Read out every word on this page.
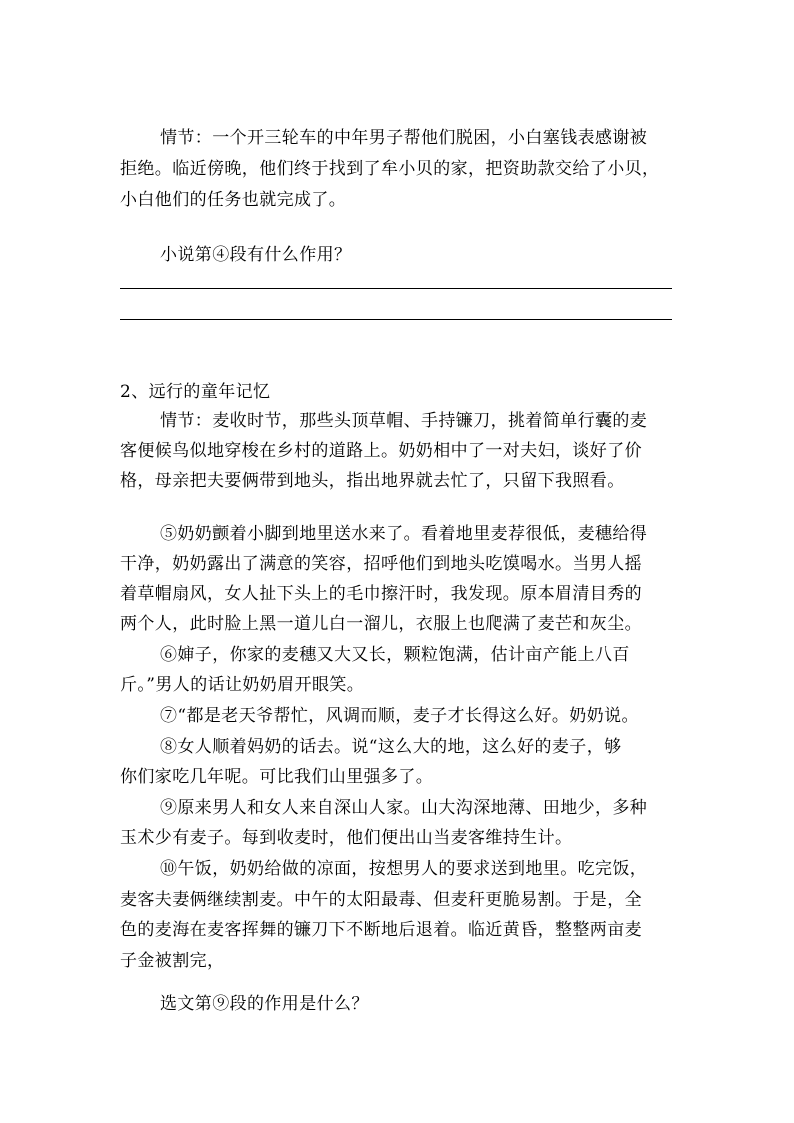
情节：一个开三轮车的中年男子帮他们脱困，小白塞钱表感谢被
拒绝。临近傍晚，他们终于找到了牟小贝的家，把资助款交给了小贝，
小白他们的任务也就完成了。
小说第④段有什么作用？
2、远行的童年记忆
情节：麦收时节，那些头顶草帽、手持镰刀，挑着简单行囊的麦
客便候鸟似地穿梭在乡村的道路上。奶奶相中了一对夫妇，谈好了价
格，母亲把夫要俩带到地头，指出地界就去忙了，只留下我照看。
⑤奶奶颤着小脚到地里送水来了。看着地里麦荐很低，麦穗给得
干净，奶奶露出了满意的笑容，招呼他们到地头吃馍喝水。当男人摇
着草帽扇风，女人扯下头上的毛巾擦汗时，我发现。原本眉清目秀的
两个人，此时脸上黑一道儿白一溜儿，衣服上也爬满了麦芒和灰尘。
⑥婶子，你家的麦穗又大又长，颗粒饱满，估计亩产能上八百
斤。”男人的话让奶奶眉开眼笑。
⑦“都是老天爷帮忙，风调而顺，麦子才长得这么好。奶奶说。
⑧女人顺着妈奶的话去。说“这么大的地，这么好的麦子，够
你们家吃几年呢。可比我们山里强多了。
⑨原来男人和女人来自深山人家。山大沟深地薄、田地少，多种
玉术少有麦子。每到收麦时，他们便出山当麦客维持生计。
⑩午饭，奶奶给做的凉面，按想男人的要求送到地里。吃完饭，
麦客夫妻俩继续割麦。中午的太阳最毒、但麦秆更脆易割。于是，全
色的麦海在麦客挥舞的镰刀下不断地后退着。临近黄昏，整整两亩麦
子金被割完，
选文第⑨段的作用是什么？
